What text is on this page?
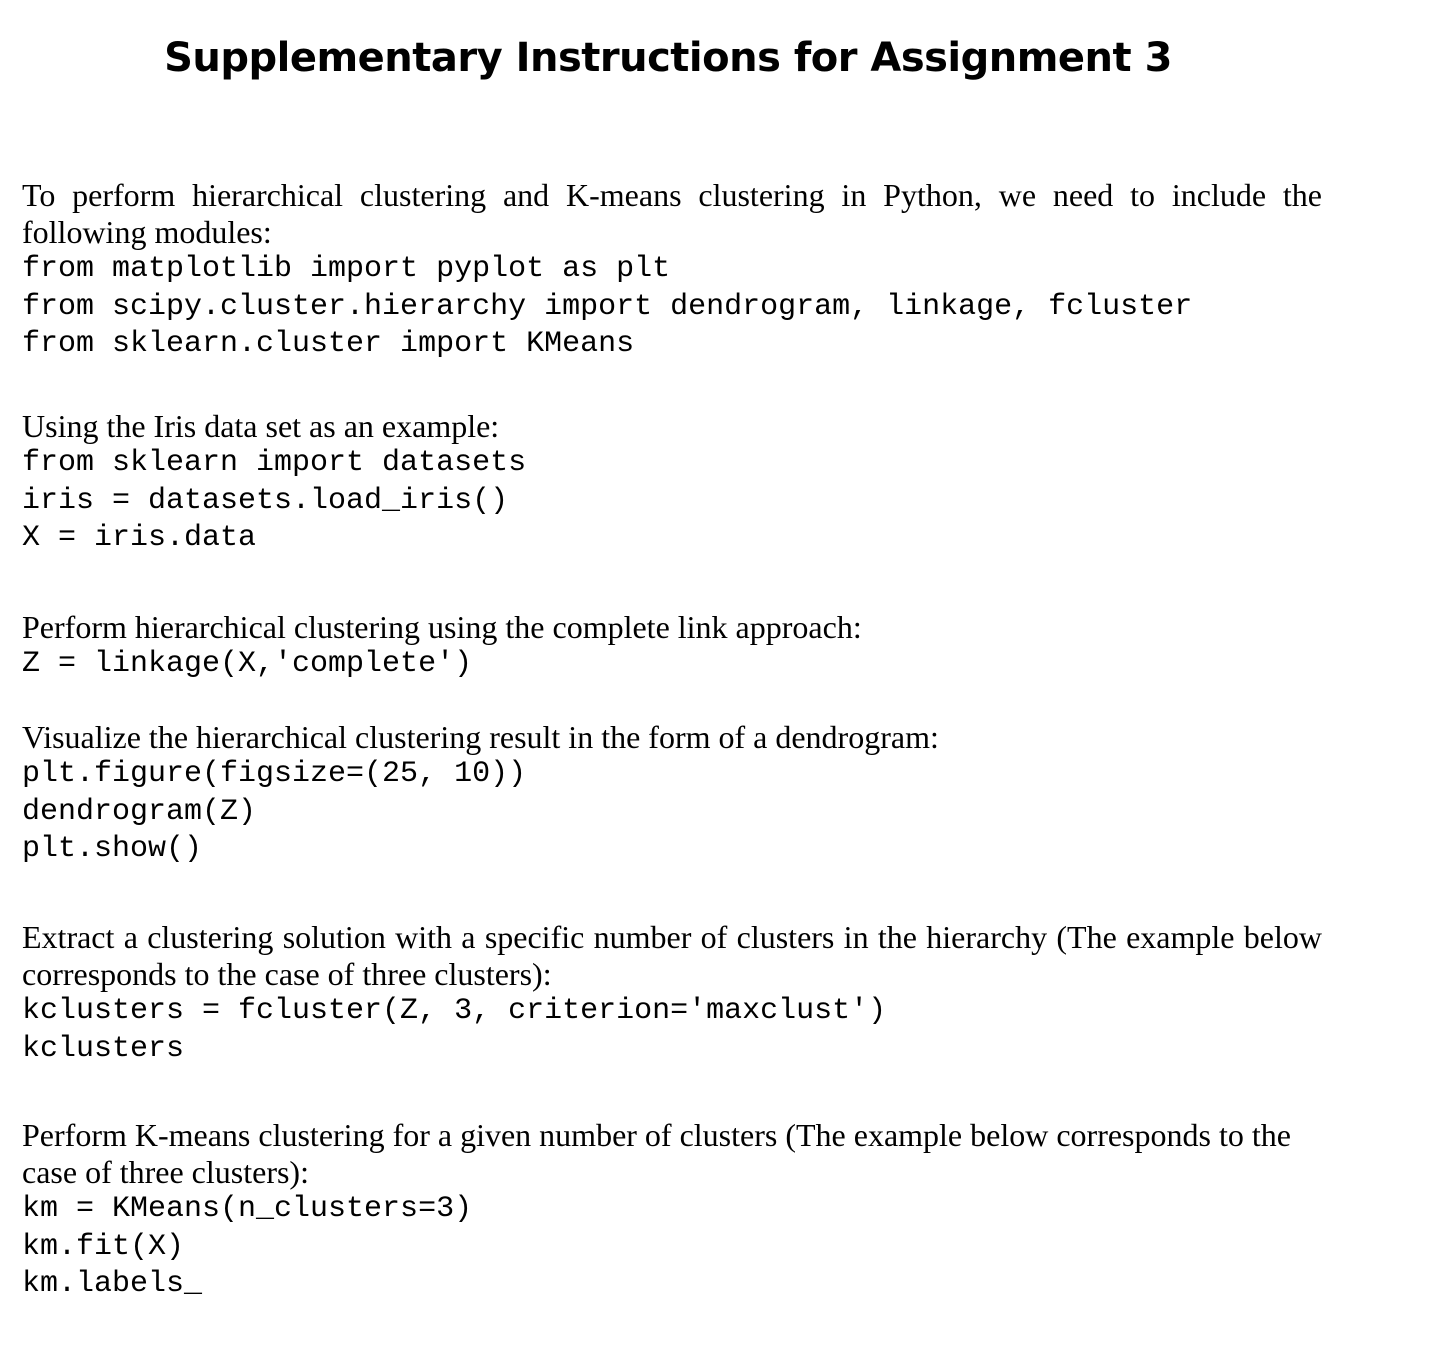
Supplementary Instructions for Assignment 3

To perform hierarchical clustering and K-means clustering in Python, we need to include the following modules:

from matplotlib import pyplot as plt
from scipy.cluster.hierarchy import dendrogram, linkage, fcluster
from sklearn.cluster import KMeans

Using the Iris data set as an example:

from sklearn import datasets
iris = datasets.load_iris()
X = iris.data

Perform hierarchical clustering using the complete link approach:

Z = linkage(X,'complete')

Visualize the hierarchical clustering result in the form of a dendrogram:

plt.figure(figsize=(25, 10))
dendrogram(Z)
plt.show()

Extract a clustering solution with a specific number of clusters in the hierarchy (The example below corresponds to the case of three clusters):

kclusters = fcluster(Z, 3, criterion='maxclust')
kclusters

Perform K-means clustering for a given number of clusters (The example below corresponds to the case of three clusters):

km = KMeans(n_clusters=3)
km.fit(X)
km.labels_
